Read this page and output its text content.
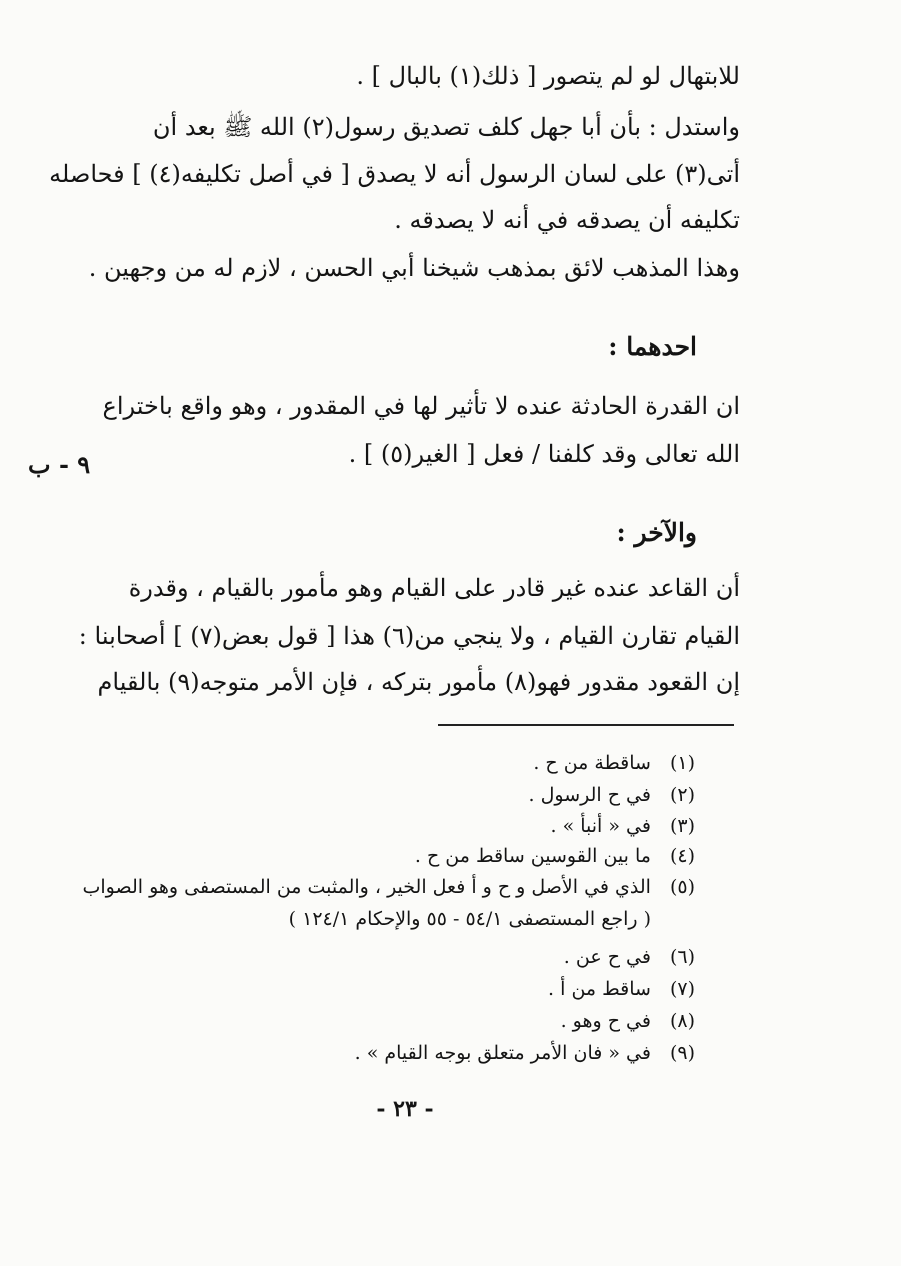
للابتهال لو لم يتصور [ ذلك(١) بالبال ] .
واستدل : بأن أبا جهل كلف تصديق رسول(٢) الله ﷺ بعد أن
أتى(٣) على لسان الرسول أنه لا يصدق [ في أصل تكليفه(٤) ] فحاصله
تكليفه أن يصدقه في أنه لا يصدقه .
وهذا المذهب لائق بمذهب شيخنا أبي الحسن ، لازم له من وجهين .
احدهما :
ان القدرة الحادثة عنده لا تأثير لها في المقدور ، وهو واقع باختراع
الله تعالى وقد كلفنا / فعل [ الغير(٥) ] .
٩ - ب
والآخر :
أن القاعد عنده غير قادر على القيام وهو مأمور بالقيام ، وقدرة
القيام تقارن القيام ، ولا ينجي من(٦) هذا [ قول بعض(٧) ] أصحابنا :
إن القعود مقدور فهو(٨) مأمور بتركه ، فإن الأمر متوجه(٩) بالقيام
(١) ساقطة من ح .
(٢) في ح الرسول .
(٣) في « أنبأ » .
(٤) ما بين القوسين ساقط من ح .
(٥) الذي في الأصل و ح و أ فعل الخير ، والمثبت من المستصفى وهو الصواب
( راجع المستصفى ٥٤/١ - ٥٥ والإحكام ١٢٤/١ )
(٦) في ح عن .
(٧) ساقط من أ .
(٨) في ح وهو .
(٩) في « فان الأمر متعلق بوجه القيام » .
- ٢٣ -
